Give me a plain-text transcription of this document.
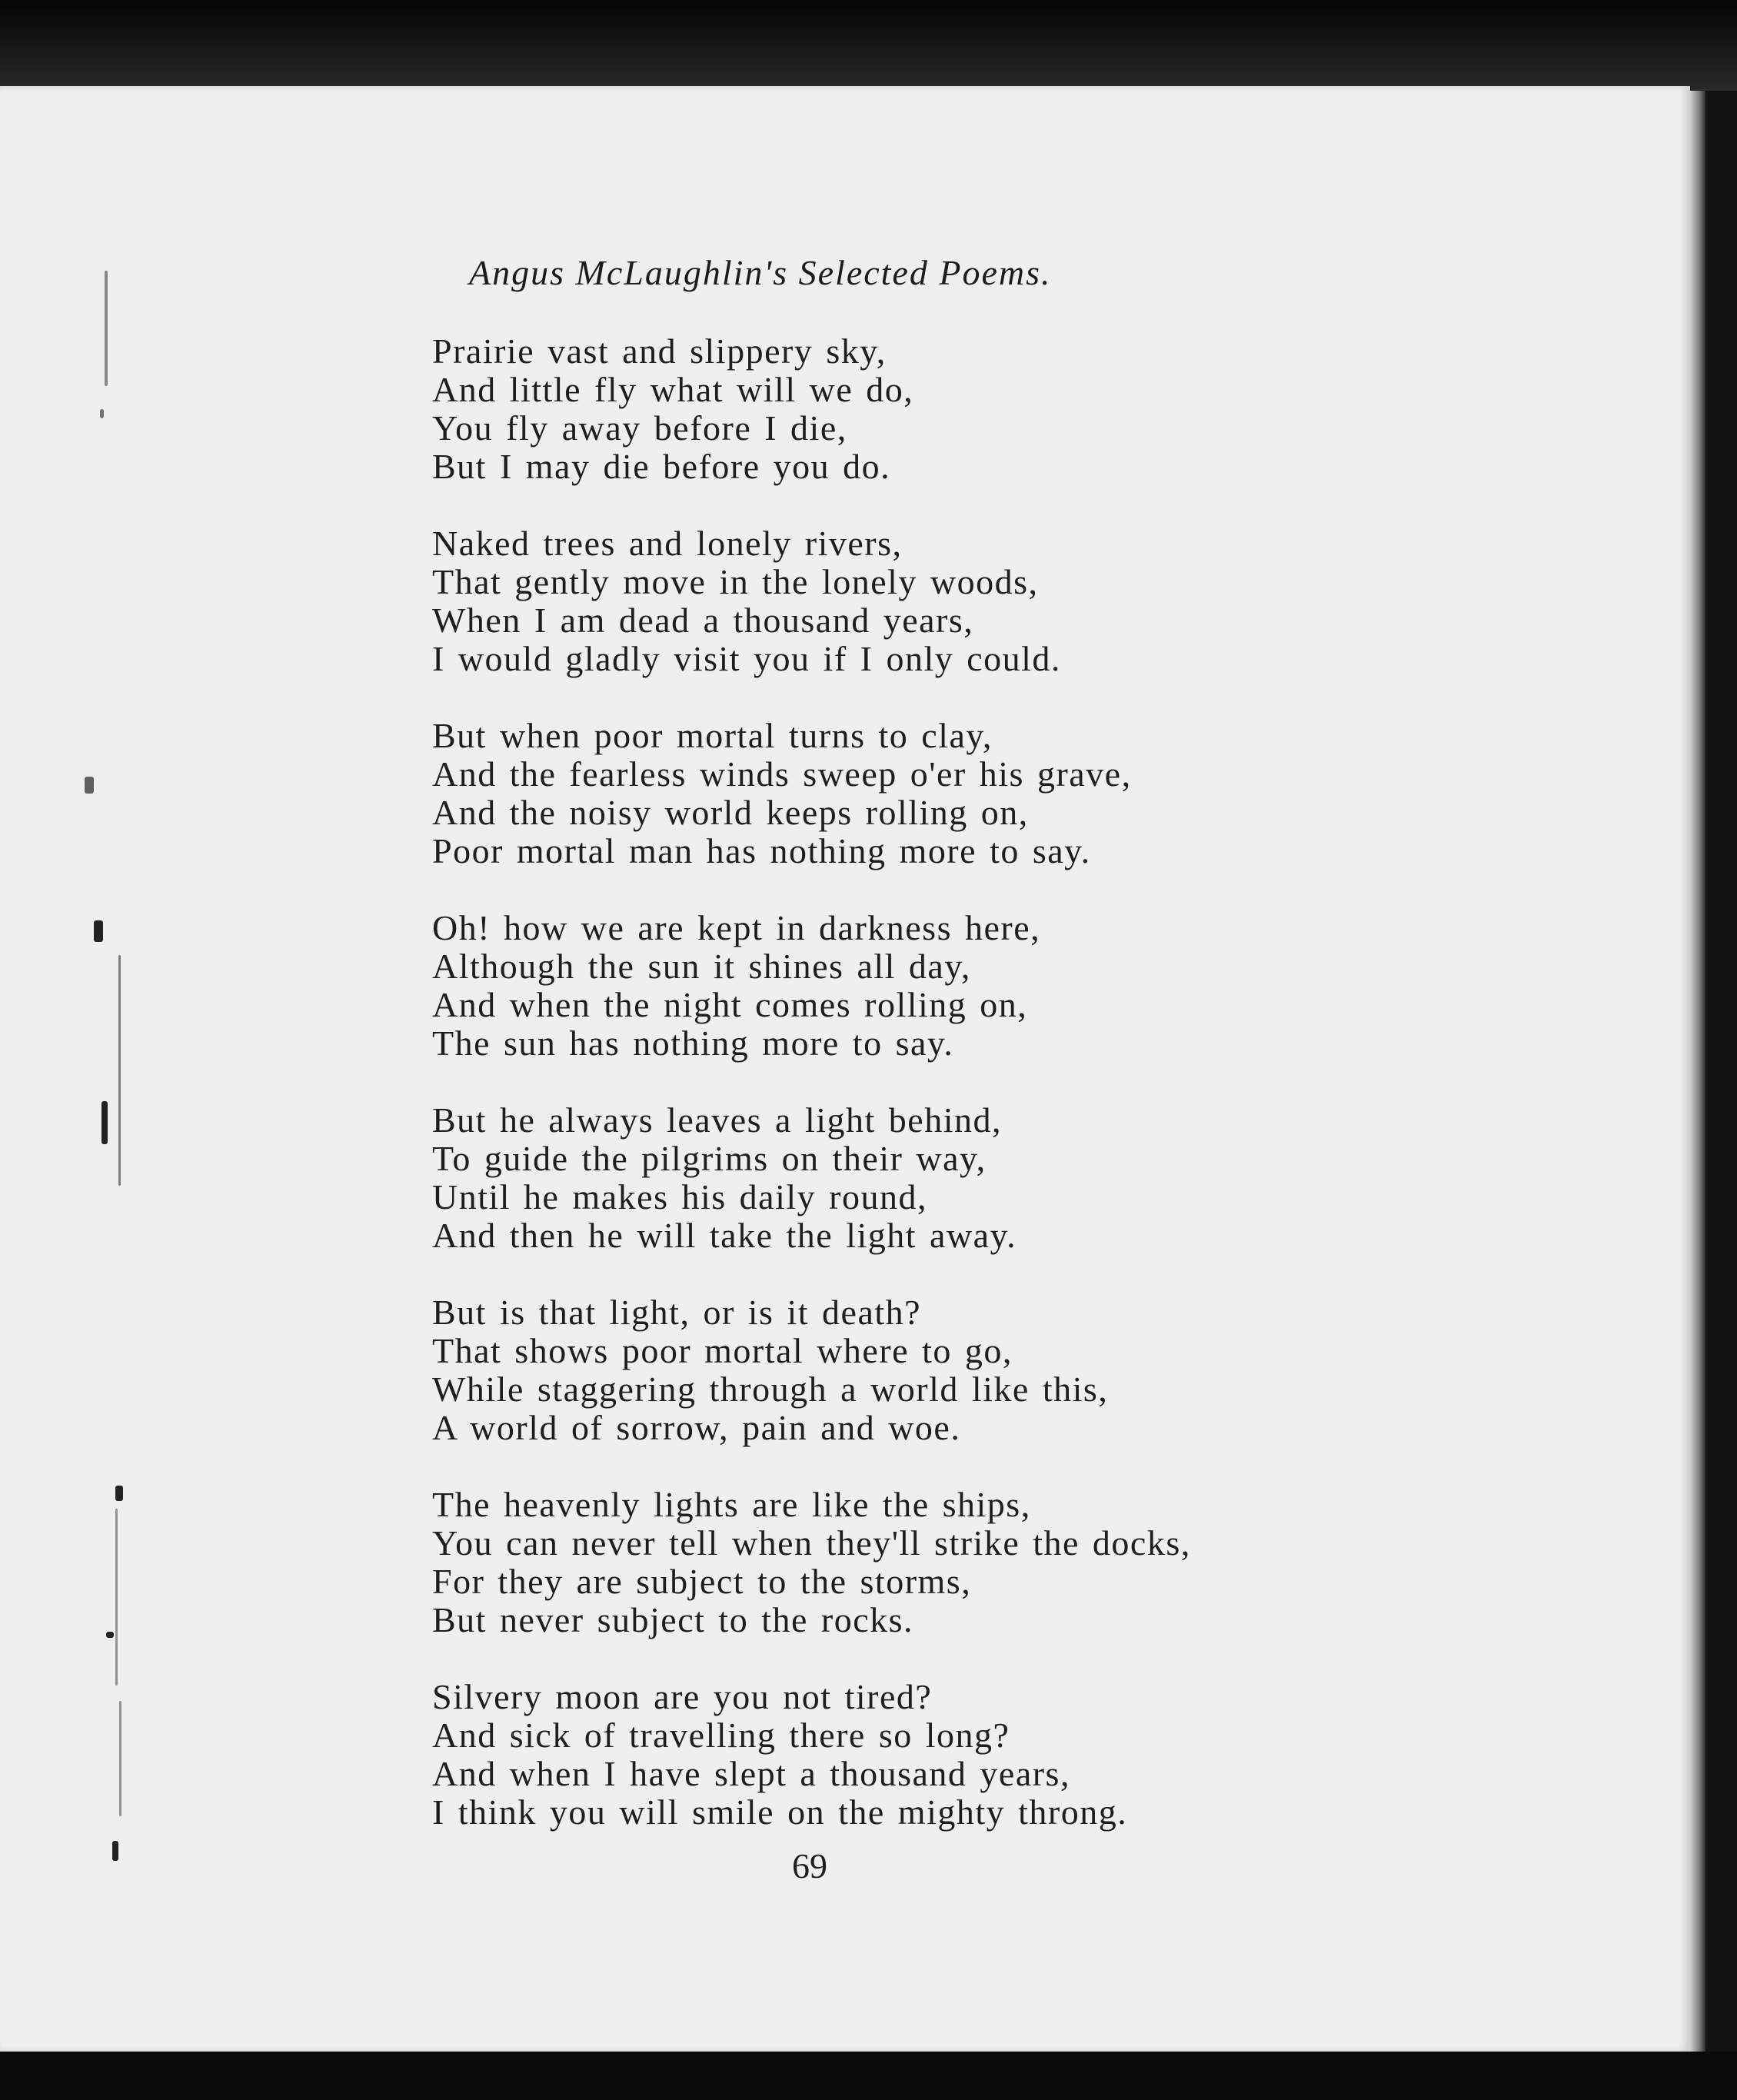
Angus McLaughlin's Selected Poems.
Prairie vast and slippery sky,
And little fly what will we do,
You fly away before I die,
But I may die before you do.
Naked trees and lonely rivers,
That gently move in the lonely woods,
When I am dead a thousand years,
I would gladly visit you if I only could.
But when poor mortal turns to clay,
And the fearless winds sweep o'er his grave,
And the noisy world keeps rolling on,
Poor mortal man has nothing more to say.
Oh! how we are kept in darkness here,
Although the sun it shines all day,
And when the night comes rolling on,
The sun has nothing more to say.
But he always leaves a light behind,
To guide the pilgrims on their way,
Until he makes his daily round,
And then he will take the light away.
But is that light, or is it death?
That shows poor mortal where to go,
While staggering through a world like this,
A world of sorrow, pain and woe.
The heavenly lights are like the ships,
You can never tell when they'll strike the docks,
For they are subject to the storms,
But never subject to the rocks.
Silvery moon are you not tired?
And sick of travelling there so long?
And when I have slept a thousand years,
I think you will smile on the mighty throng.
69
